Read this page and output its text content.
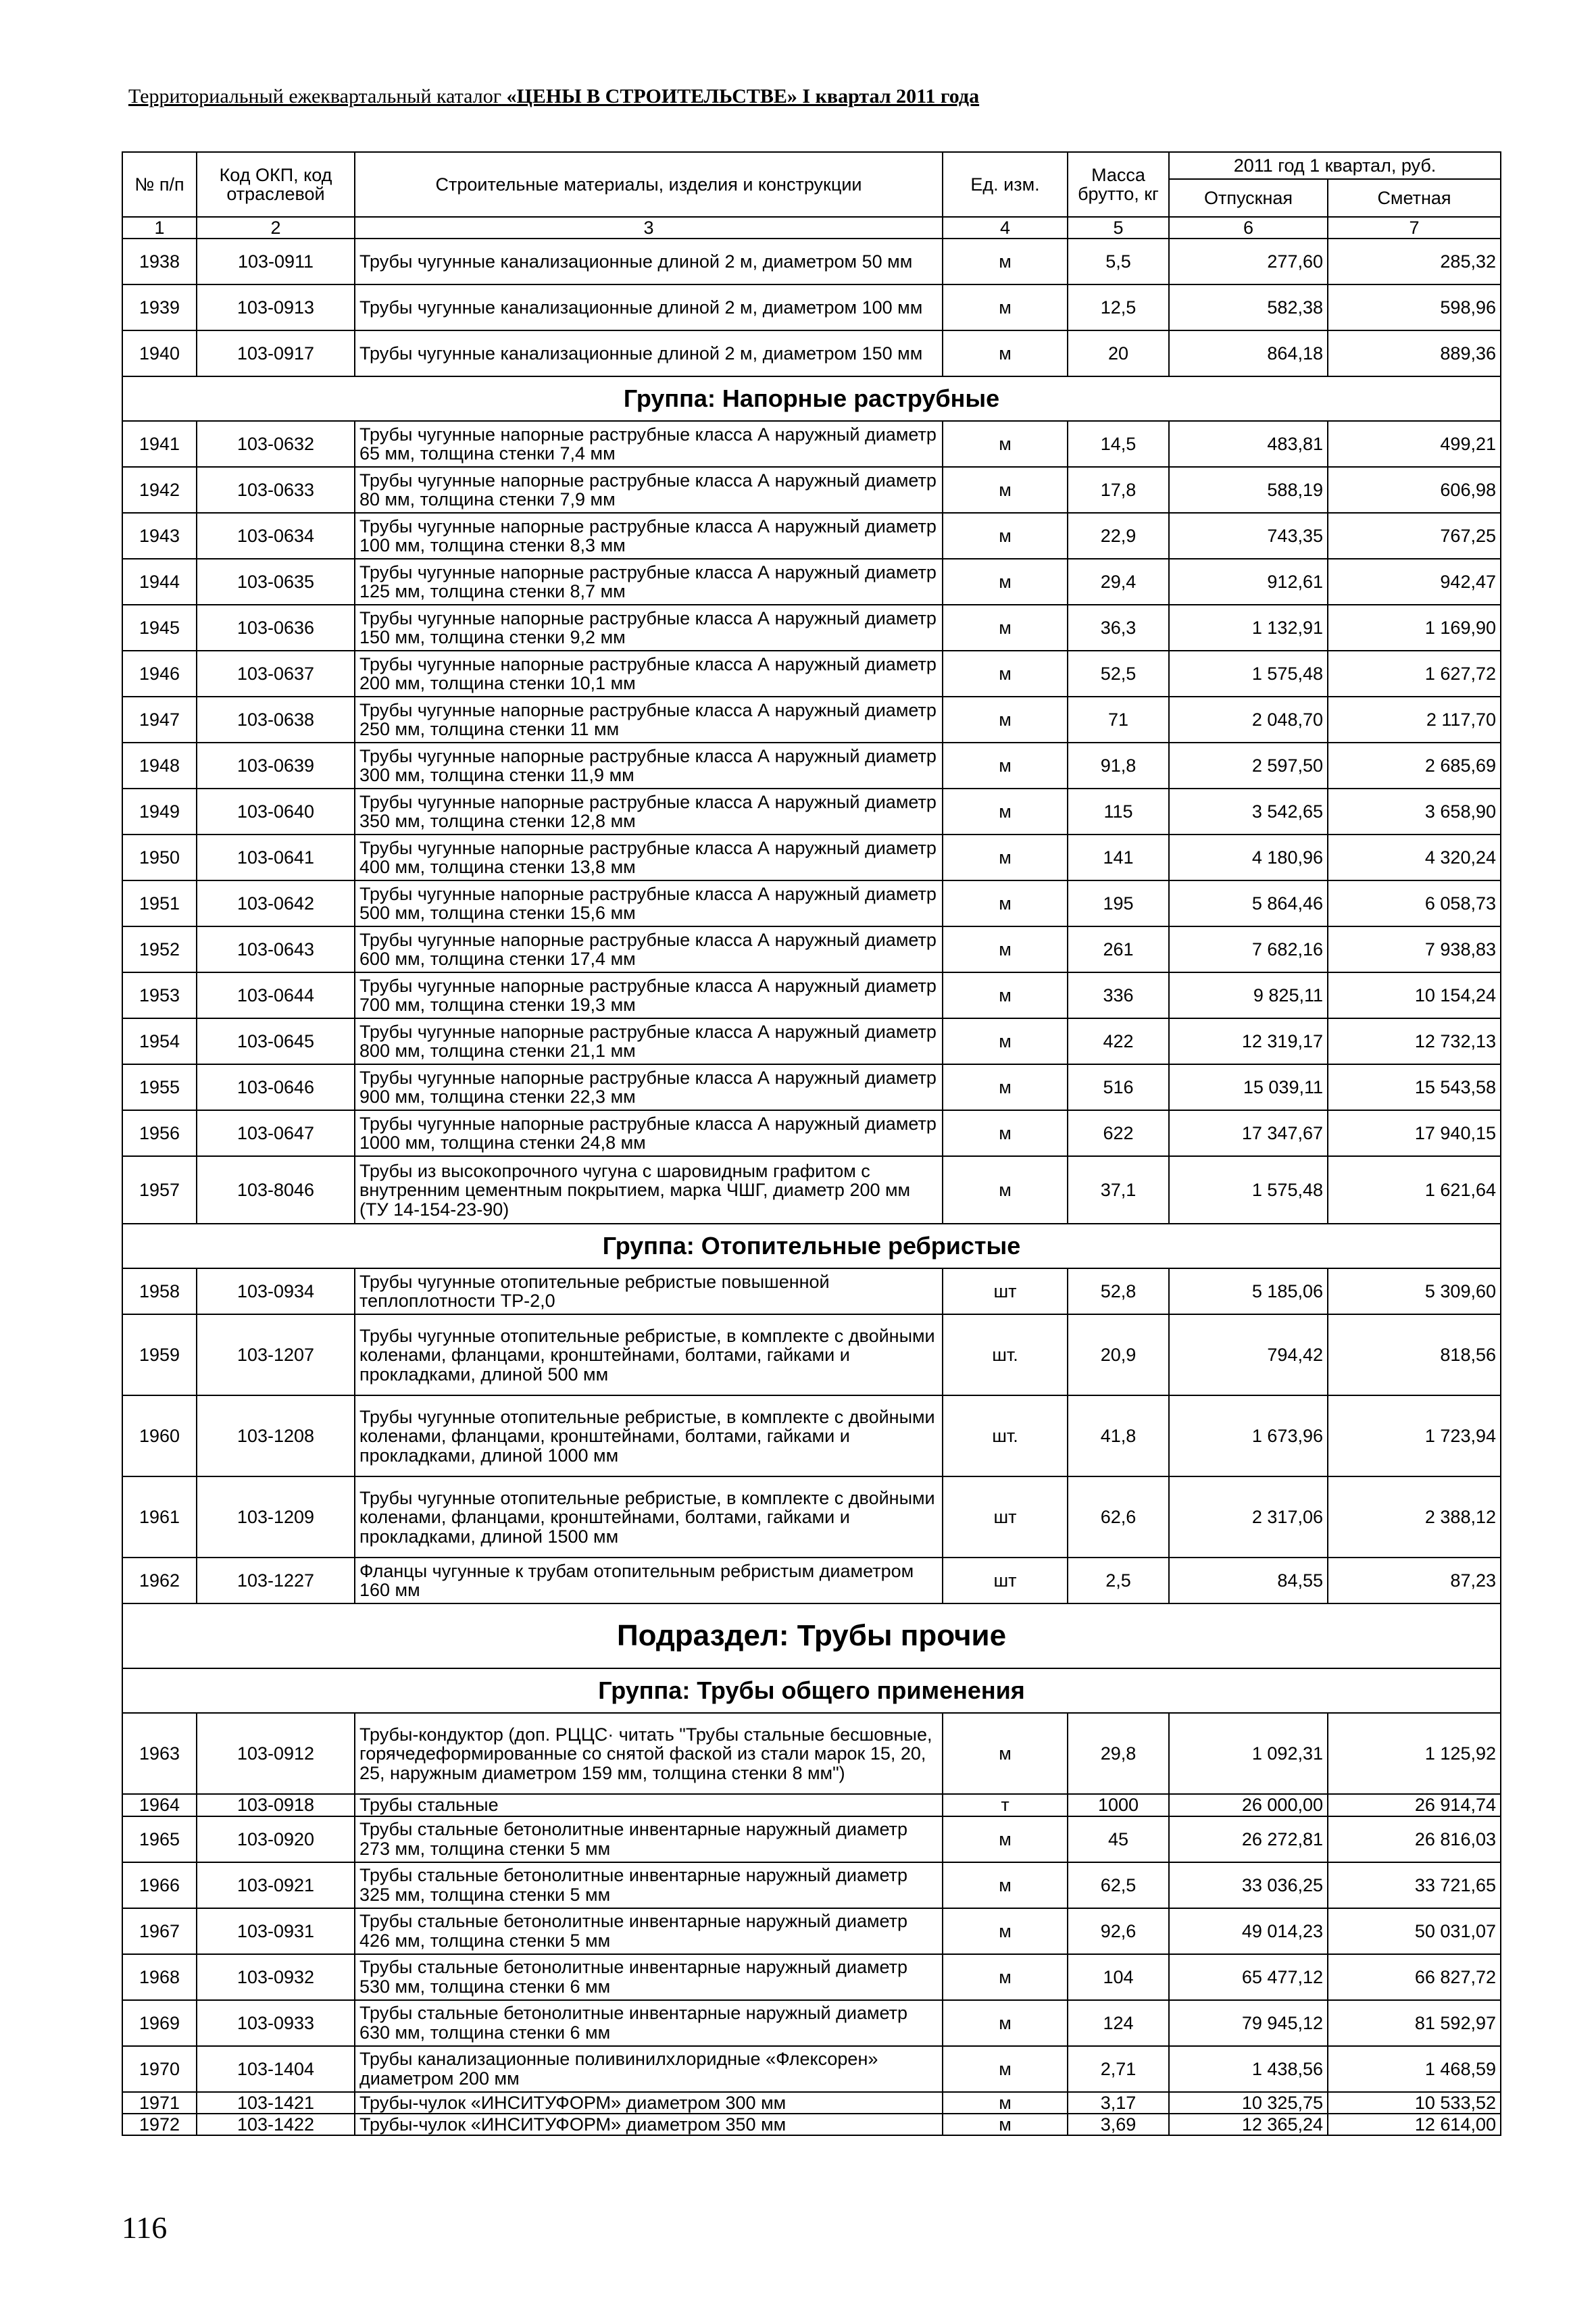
Территориальный ежеквартальный каталог «ЦЕНЫ В СТРОИТЕЛЬСТВЕ» I квартал 2011 года
№ п/п	Код ОКП, код отраслевой	Строительные материалы, изделия и конструкции	Ед. изм.	Масса брутто, кг	2011 год 1 квартал, руб.	
					Отпускная	Сметная
1	2	3	4	5	6	7
1938	103-0911	Трубы чугунные канализационные длиной 2 м, диаметром 50 мм	м	5,5	277,60	285,32
1939	103-0913	Трубы чугунные канализационные длиной 2 м, диаметром 100 мм	м	12,5	582,38	598,96
1940	103-0917	Трубы чугунные канализационные длиной 2 м, диаметром 150 мм	м	20	864,18	889,36
Группа: Напорные раструбные						
1941	103-0632	Трубы чугунные напорные раструбные класса А наружный диаметр 65 мм, толщина стенки 7,4 мм	м	14,5	483,81	499,21
1942	103-0633	Трубы чугунные напорные раструбные класса А наружный диаметр 80 мм, толщина стенки 7,9 мм	м	17,8	588,19	606,98
1943	103-0634	Трубы чугунные напорные раструбные класса А наружный диаметр 100 мм, толщина стенки 8,3 мм	м	22,9	743,35	767,25
1944	103-0635	Трубы чугунные напорные раструбные класса А наружный диаметр 125 мм, толщина стенки 8,7 мм	м	29,4	912,61	942,47
1945	103-0636	Трубы чугунные напорные раструбные класса А наружный диаметр 150 мм, толщина стенки 9,2 мм	м	36,3	1 132,91	1 169,90
1946	103-0637	Трубы чугунные напорные раструбные класса А наружный диаметр 200 мм, толщина стенки 10,1 мм	м	52,5	1 575,48	1 627,72
1947	103-0638	Трубы чугунные напорные раструбные класса А наружный диаметр 250 мм, толщина стенки 11 мм	м	71	2 048,70	2 117,70
1948	103-0639	Трубы чугунные напорные раструбные класса А наружный диаметр 300 мм, толщина стенки 11,9 мм	м	91,8	2 597,50	2 685,69
1949	103-0640	Трубы чугунные напорные раструбные класса А наружный диаметр 350 мм, толщина стенки 12,8 мм	м	115	3 542,65	3 658,90
1950	103-0641	Трубы чугунные напорные раструбные класса А наружный диаметр 400 мм, толщина стенки 13,8 мм	м	141	4 180,96	4 320,24
1951	103-0642	Трубы чугунные напорные раструбные класса А наружный диаметр 500 мм, толщина стенки 15,6 мм	м	195	5 864,46	6 058,73
1952	103-0643	Трубы чугунные напорные раструбные класса А наружный диаметр 600 мм, толщина стенки 17,4 мм	м	261	7 682,16	7 938,83
1953	103-0644	Трубы чугунные напорные раструбные класса А наружный диаметр 700 мм, толщина стенки 19,3 мм	м	336	9 825,11	10 154,24
1954	103-0645	Трубы чугунные напорные раструбные класса А наружный диаметр 800 мм, толщина стенки 21,1 мм	м	422	12 319,17	12 732,13
1955	103-0646	Трубы чугунные напорные раструбные класса А наружный диаметр 900 мм, толщина стенки 22,3 мм	м	516	15 039,11	15 543,58
1956	103-0647	Трубы чугунные напорные раструбные класса А наружный диаметр 1000 мм, толщина стенки 24,8 мм	м	622	17 347,67	17 940,15
1957	103-8046	Трубы из высокопрочного чугуна с шаровидным графитом с внутренним цементным покрытием, марка ЧШГ, диаметр 200 мм (ТУ 14-154-23-90)	м	37,1	1 575,48	1 621,64
Группа: Отопительные ребристые						
1958	103-0934	Трубы чугунные отопительные ребристые повышенной теплоплотности ТР-2,0	шт	52,8	5 185,06	5 309,60
1959	103-1207	Трубы чугунные отопительные ребристые, в комплекте с двойными коленами, фланцами, кронштейнами, болтами, гайками и прокладками, длиной 500 мм	шт.	20,9	794,42	818,56
1960	103-1208	Трубы чугунные отопительные ребристые, в комплекте с двойными коленами, фланцами, кронштейнами, болтами, гайками и прокладками, длиной 1000 мм	шт.	41,8	1 673,96	1 723,94
1961	103-1209	Трубы чугунные отопительные ребристые, в комплекте с двойными коленами, фланцами, кронштейнами, болтами, гайками и прокладками, длиной 1500 мм	шт	62,6	2 317,06	2 388,12
1962	103-1227	Фланцы чугунные к трубам отопительным ребристым диаметром 160 мм	шт	2,5	84,55	87,23
Подраздел: Трубы прочие						
Группа: Трубы общего применения						
1963	103-0912	Трубы-кондуктор (доп. РЦЦС· читать "Трубы стальные бесшовные, горячедеформированные со снятой фаской из стали марок 15, 20, 25, наружным диаметром 159 мм, толщина стенки 8 мм")	м	29,8	1 092,31	1 125,92
1964	103-0918	Трубы стальные	т	1000	26 000,00	26 914,74
1965	103-0920	Трубы стальные бетонолитные инвентарные наружный диаметр 273 мм, толщина стенки 5 мм	м	45	26 272,81	26 816,03
1966	103-0921	Трубы стальные бетонолитные инвентарные наружный диаметр 325 мм, толщина стенки 5 мм	м	62,5	33 036,25	33 721,65
1967	103-0931	Трубы стальные бетонолитные инвентарные наружный диаметр 426 мм, толщина стенки 5 мм	м	92,6	49 014,23	50 031,07
1968	103-0932	Трубы стальные бетонолитные инвентарные наружный диаметр 530 мм, толщина стенки 6 мм	м	104	65 477,12	66 827,72
1969	103-0933	Трубы стальные бетонолитные инвентарные наружный диаметр 630 мм, толщина стенки 6 мм	м	124	79 945,12	81 592,97
1970	103-1404	Трубы канализационные поливинилхлоридные «Флексорен» диаметром 200 мм	м	2,71	1 438,56	1 468,59
1971	103-1421	Трубы-чулок «ИНСИТУФОРМ» диаметром 300 мм	м	3,17	10 325,75	10 533,52
1972	103-1422	Трубы-чулок «ИНСИТУФОРМ» диаметром 350 мм	м	3,69	12 365,24	12 614,00
116
